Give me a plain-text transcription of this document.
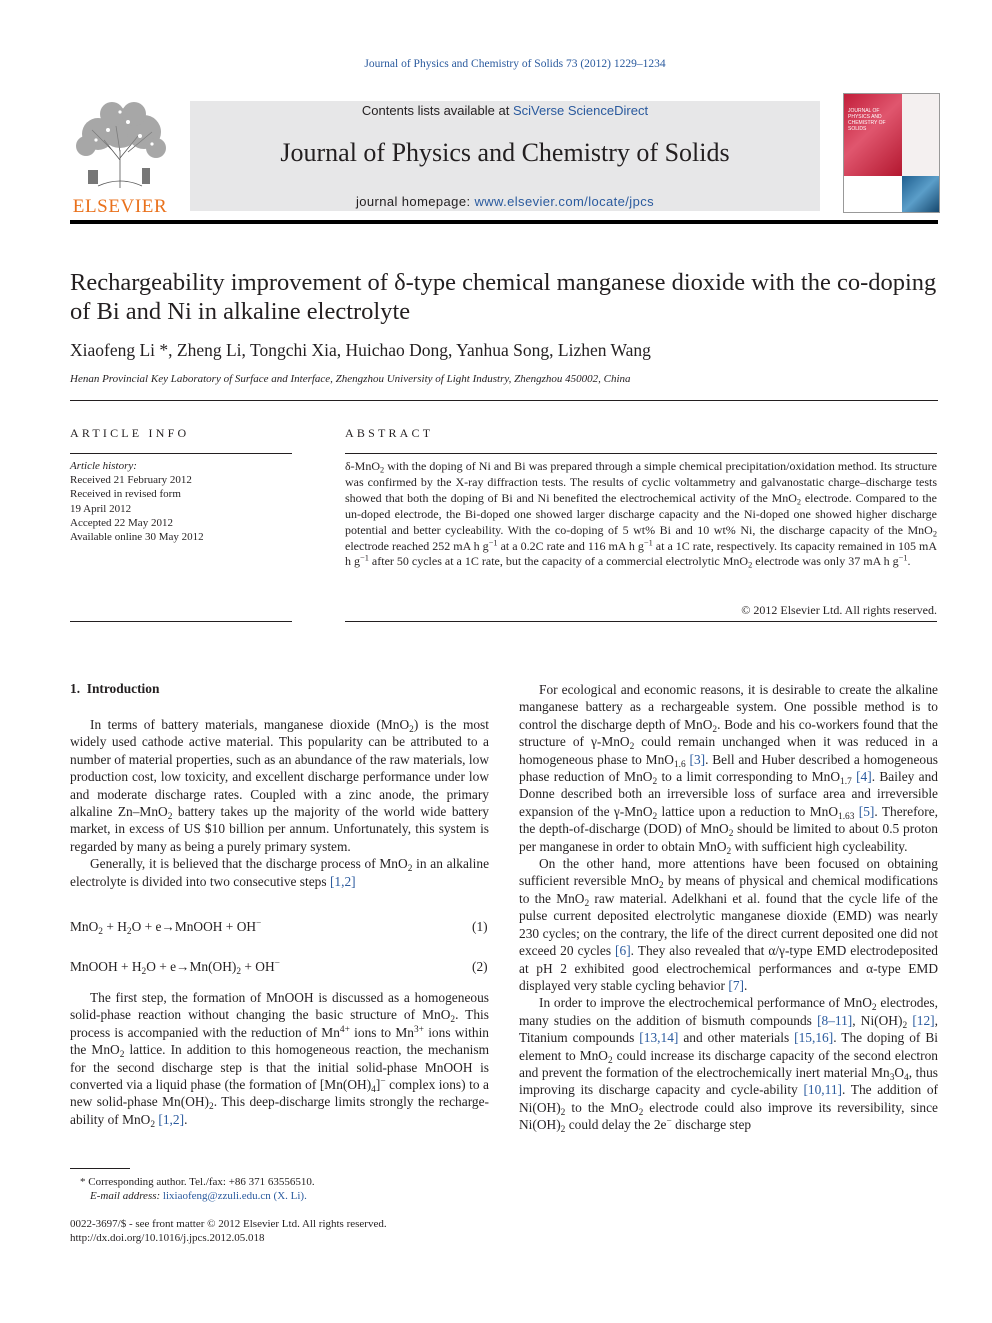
Journal of Physics and Chemistry of Solids 73 (2012) 1229–1234
ELSEVIER
Contents lists available at SciVerse ScienceDirect
Journal of Physics and Chemistry of Solids
journal homepage: www.elsevier.com/locate/jpcs
JOURNAL OF PHYSICS AND CHEMISTRY OF SOLIDS
Rechargeability improvement of δ-type chemical manganese dioxide with the co-doping of Bi and Ni in alkaline electrolyte
Xiaofeng Li *, Zheng Li, Tongchi Xia, Huichao Dong, Yanhua Song, Lizhen Wang
Henan Provincial Key Laboratory of Surface and Interface, Zhengzhou University of Light Industry, Zhengzhou 450002, China
ARTICLE INFO
Article history:
Received 21 February 2012
Received in revised form
19 April 2012
Accepted 22 May 2012
Available online 30 May 2012
ABSTRACT
δ-MnO$_2$ with the doping of Ni and Bi was prepared through a simple chemical precipitation/oxidation method. Its structure was confirmed by the X-ray diffraction tests. The results of cyclic voltammetry and galvanostatic charge–discharge tests showed that both the doping of Bi and Ni benefited the electrochemical activity of the MnO$_2$ electrode. Compared to the un-doped electrode, the Bi-doped one showed larger discharge capacity and the Ni-doped one showed higher discharge potential and better cycleability. With the co-doping of 5 wt% Bi and 10 wt% Ni, the discharge capacity of the MnO$_2$ electrode reached 252 mA h $g^{-1}$ at a 0.2C rate and 116 mA h $g^{-1}$ at a 1C rate, respectively. Its capacity remained in 105 mA h $g^{-1}$ after 50 cycles at a 1C rate, but the capacity of a commercial electrolytic MnO$_2$ electrode was only 37 mA h $g^{-1}$.
© 2012 Elsevier Ltd. All rights reserved.
1.  Introduction

In terms of battery materials, manganese dioxide (MnO$_2$) is the most widely used cathode active material. This popularity can be attributed to a number of material properties, such as an abundance of the raw materials, low production cost, low toxicity, and excellent discharge performance under low and moderate discharge rates. Coupled with a zinc anode, the primary alkaline Zn–MnO$_2$ battery takes up the majority of the world wide battery market, in excess of US $10 billion per annum. Unfortunately, this system is regarded by many as being a purely primary system.

Generally, it is believed that the discharge process of MnO$_2$ in an alkaline electrolyte is divided into two consecutive steps [1,2]

$MnO_2 + H_2O$ + e→MnOOH + OH−	(1)
MnOOH + $H_2O + e\to Mn(OH)_2 + OH^-$	(2)

The first step, the formation of MnOOH is discussed as a homogeneous solid-phase reaction without changing the basic structure of MnO$_2$. This process is accompanied with the reduction of $Mn^{4+}$ ions to $Mn^{3+}$ ions within the MnO$_2$ lattice. In addition to this homogeneous reaction, the mechanism for the second discharge step is that the initial solid-phase MnOOH is converted via a liquid phase (the formation of $[Mn(OH)_4]^-$ complex ions) to a new solid-phase $Mn(OH)_2$. This deep-discharge limits strongly the recharge-ability of MnO$_2$ [1,2].

* Corresponding author. Tel./fax: +86 371 63556510.
E-mail address: lixiaofeng@zzuli.edu.cn (X. Li).
0022-3697/$ - see front matter © 2012 Elsevier Ltd. All rights reserved.
http://dx.doi.org/10.1016/j.jpcs.2012.05.018

For ecological and economic reasons, it is desirable to create the alkaline manganese battery as a rechargeable system. One possible method is to control the discharge depth of MnO$_2$. Bode and his co-workers found that the structure of γ-MnO$_2$ could remain unchanged when it was reduced in a homogeneous phase to MnO$_{1.6}$ [3]. Bell and Huber described a homogeneous phase reduction of MnO$_2$ to a limit corresponding to MnO$_{1.7}$ [4]. Bailey and Donne described both an irreversible loss of surface area and irreversible expansion of the γ-MnO$_2$ lattice upon a reduction to MnO$_{1.63}$ [5]. Therefore, the depth-of-discharge (DOD) of MnO$_2$ should be limited to about 0.5 proton per manganese in order to obtain MnO$_2$ with sufficient high cycleability.

On the other hand, more attentions have been focused on obtaining sufficient reversible MnO$_2$ by means of physical and chemical modifications to the MnO$_2$ raw material. Adelkhani et al. found that the cycle life of the pulse current deposited electrolytic manganese dioxide (EMD) was nearly 230 cycles; on the contrary, the life of the direct current deposited one did not exceed 20 cycles [6]. They also revealed that α/γ-type EMD electrodeposited at pH 2 exhibited good electrochemical performances and α-type EMD displayed very stable cycling behavior [7].

In order to improve the electrochemical performance of MnO$_2$ electrodes, many studies on the addition of bismuth compounds [8–11], $Ni(OH)_2$ [12], Titanium compounds [13,14] and other materials [15,16]. The doping of Bi element to MnO$_2$ could increase its discharge capacity of the second electron and prevent the formation of the electrochemically inert material $Mn_3O_4$, thus improving its discharge capacity and cycle-ability [10,11]. The addition of $Ni(OH)_2$ to the MnO$_2$ electrode could also improve its reversibility, since $Ni(OH)_2$ could delay the 2e− discharge step
